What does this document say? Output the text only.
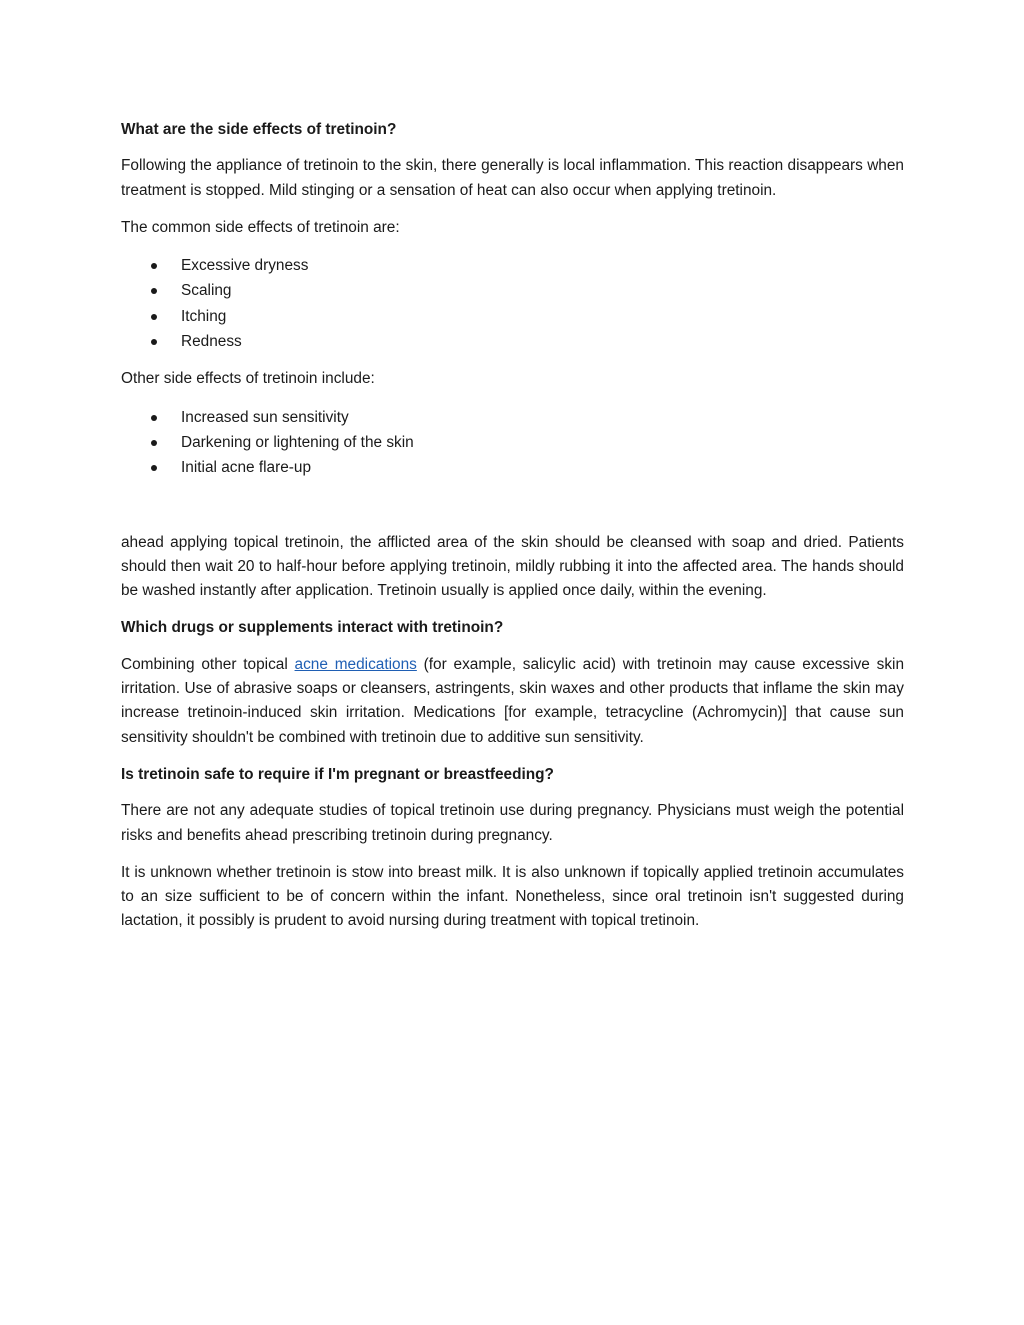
What are the side effects of tretinoin?

Following the appliance of tretinoin to the skin, there generally is local inflammation. This reaction disappears when treatment is stopped. Mild stinging or a sensation of heat can also occur when applying tretinoin.

The common side effects of tretinoin are:

Excessive dryness
Scaling
Itching
Redness

Other side effects of tretinoin include:

Increased sun sensitivity
Darkening or lightening of the skin
Initial acne flare-up

ahead applying topical tretinoin, the afflicted area of the skin should be cleansed with soap and dried. Patients should then wait 20 to half-hour before applying tretinoin, mildly rubbing it into the affected area. The hands should be washed instantly after application. Tretinoin usually is applied once daily, within the evening.

Which drugs or supplements interact with tretinoin?

Combining other topical acne medications (for example, salicylic acid) with tretinoin may cause excessive skin irritation. Use of abrasive soaps or cleansers, astringents, skin waxes and other products that inflame the skin may increase tretinoin-induced skin irritation. Medications [for example, tetracycline (Achromycin)] that cause sun sensitivity shouldn't be combined with tretinoin due to additive sun sensitivity.

Is tretinoin safe to require if I'm pregnant or breastfeeding?

There are not any adequate studies of topical tretinoin use during pregnancy. Physicians must weigh the potential risks and benefits ahead prescribing tretinoin during pregnancy.

It is unknown whether tretinoin is stow into breast milk. It is also unknown if topically applied tretinoin accumulates to an size sufficient to be of concern within the infant. Nonetheless, since oral tretinoin isn't suggested during lactation, it possibly is prudent to avoid nursing during treatment with topical tretinoin.
